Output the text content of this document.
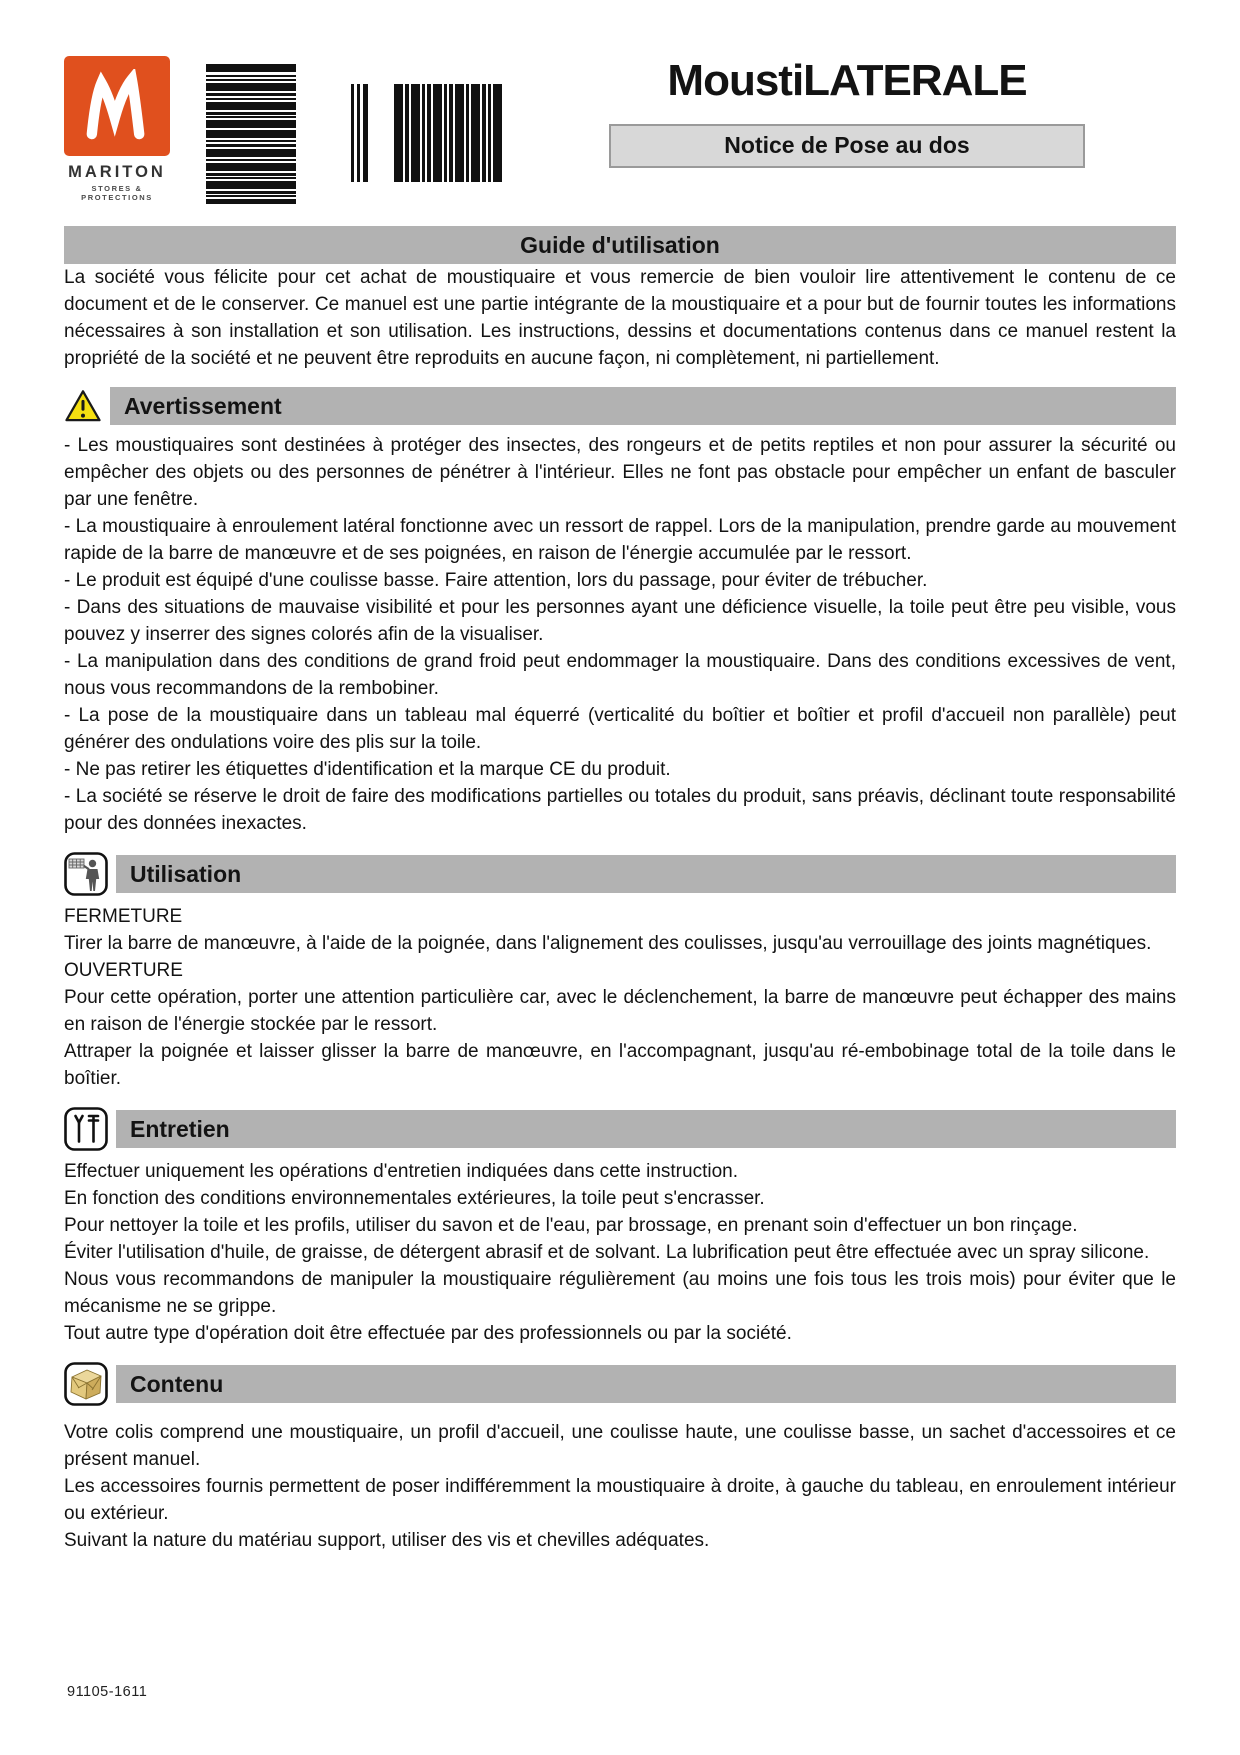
MARITON
STORES & PROTECTIONS
MoustiLATERALE
Notice de Pose au dos
Guide d'utilisation

La société vous félicite pour cet achat de moustiquaire et vous remercie de bien vouloir lire attentivement le contenu de ce document et de le conserver. Ce manuel est une partie intégrante de la moustiquaire et a pour but de fournir toutes les informations nécessaires à son installation et son utilisation. Les instructions, dessins et documentations contenus dans ce manuel restent la propriété de la société et ne peuvent être reproduits en aucune façon, ni complètement, ni partiellement.

Avertissement

- Les moustiquaires sont destinées à protéger des insectes, des rongeurs et de petits reptiles et non pour assurer la sécurité ou empêcher des objets ou des personnes de pénétrer à l'intérieur. Elles ne font pas obstacle pour empêcher un enfant de basculer par une fenêtre.

- La moustiquaire à enroulement latéral fonctionne avec un ressort de rappel. Lors de la manipulation, prendre garde au mouvement rapide de la barre de manœuvre et de ses poignées, en raison de l'énergie accumulée par le ressort.

- Le produit est équipé d'une coulisse basse. Faire attention, lors du passage, pour éviter de trébucher.

- Dans des situations de mauvaise visibilité et pour les personnes ayant une déficience visuelle, la toile peut être peu visible, vous pouvez y inserrer des signes colorés afin de la visualiser.

- La manipulation dans des conditions de grand froid peut endommager la moustiquaire. Dans des conditions excessives de vent, nous vous recommandons de la rembobiner.

- La pose de la moustiquaire dans un tableau mal équerré (verticalité du boîtier et boîtier et profil d'accueil non parallèle) peut générer des ondulations voire des plis sur la toile.

- Ne pas retirer les étiquettes d'identification et la marque CE du produit.

- La société se réserve le droit de faire des modifications partielles ou totales du produit, sans préavis, déclinant toute responsabilité pour des données inexactes.

Utilisation

FERMETURE

Tirer la barre de manœuvre, à l'aide de la poignée, dans l'alignement des coulisses, jusqu'au verrouillage des joints magnétiques.

OUVERTURE

Pour cette opération, porter une attention particulière car, avec le déclenchement, la barre de manœuvre peut échapper des mains en raison de l'énergie stockée par le ressort.

Attraper la poignée et laisser glisser la barre de manœuvre, en l'accompagnant, jusqu'au ré-embobinage total de la toile dans le boîtier.

Entretien

Effectuer uniquement les opérations d'entretien indiquées dans cette instruction.

En fonction des conditions environnementales extérieures, la toile peut s'encrasser.

Pour nettoyer la toile et les profils, utiliser du savon et de l'eau, par brossage, en prenant soin d'effectuer un bon rinçage.

Éviter l'utilisation d'huile, de graisse, de détergent abrasif et de solvant. La lubrification peut être effectuée avec un spray silicone.

Nous vous recommandons de manipuler la moustiquaire régulièrement (au moins une fois tous les trois mois) pour éviter que le mécanisme ne se grippe.

Tout autre type d'opération doit être effectuée par des professionnels ou par la société.

Contenu

Votre colis comprend une moustiquaire, un profil d'accueil, une coulisse haute, une coulisse basse, un sachet d'accessoires et ce présent manuel.

Les accessoires fournis permettent de poser indifféremment la moustiquaire à droite, à gauche du tableau, en enroulement intérieur ou extérieur.

Suivant la nature du matériau support, utiliser des vis et chevilles adéquates.

91105-1611
